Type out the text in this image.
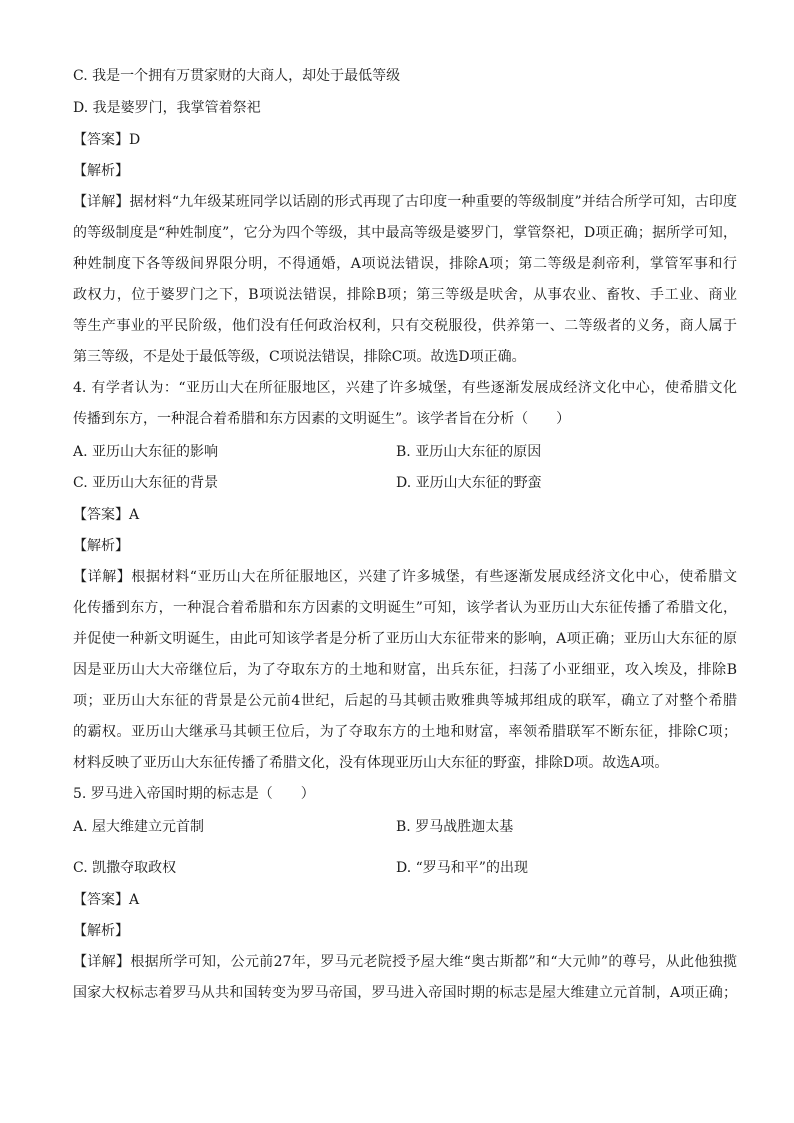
C. 我是一个拥有万贯家财的大商人，却处于最低等级
D. 我是婆罗门，我掌管着祭祀
【答案】D
【解析】
【详解】据材料“九年级某班同学以话剧的形式再现了古印度一种重要的等级制度”并结合所学可知，古印度
的等级制度是“种姓制度”，它分为四个等级，其中最高等级是婆罗门，掌管祭祀，D项正确；据所学可知，
种姓制度下各等级间界限分明，不得通婚，A项说法错误，排除A项；第二等级是刹帝利，掌管军事和行
政权力，位于婆罗门之下，B项说法错误，排除B项；第三等级是吠舍，从事农业、畜牧、手工业、商业
等生产事业的平民阶级，他们没有任何政治权利，只有交税服役，供养第一、二等级者的义务，商人属于
第三等级，不是处于最低等级，C项说法错误，排除C项。故选D项正确。
4. 有学者认为：“亚历山大在所征服地区，兴建了许多城堡，有些逐渐发展成经济文化中心，使希腊文化
传播到东方，一种混合着希腊和东方因素的文明诞生”。该学者旨在分析（　　）
A. 亚历山大东征的影响	B. 亚历山大东征的原因
C. 亚历山大东征的背景	D. 亚历山大东征的野蛮
【答案】A
【解析】
【详解】根据材料“亚历山大在所征服地区，兴建了许多城堡，有些逐渐发展成经济文化中心，使希腊文
化传播到东方，一种混合着希腊和东方因素的文明诞生”可知，该学者认为亚历山大东征传播了希腊文化，
并促使一种新文明诞生，由此可知该学者是分析了亚历山大东征带来的影响，A项正确；亚历山大东征的原
因是亚历山大大帝继位后，为了夺取东方的土地和财富，出兵东征，扫荡了小亚细亚，攻入埃及，排除B
项；亚历山大东征的背景是公元前4世纪，后起的马其顿击败雅典等城邦组成的联军，确立了对整个希腊
的霸权。亚历山大继承马其顿王位后，为了夺取东方的土地和财富，率领希腊联军不断东征，排除C项；
材料反映了亚历山大东征传播了希腊文化，没有体现亚历山大东征的野蛮，排除D项。故选A项。
5. 罗马进入帝国时期的标志是（　　）
A. 屋大维建立元首制	B. 罗马战胜迦太基
C. 凯撒夺取政权	D. “罗马和平”的出现
【答案】A
【解析】
【详解】根据所学可知，公元前27年，罗马元老院授予屋大维“奥古斯都”和“大元帅”的尊号，从此他独揽
国家大权标志着罗马从共和国转变为罗马帝国，罗马进入帝国时期的标志是屋大维建立元首制，A项正确；
